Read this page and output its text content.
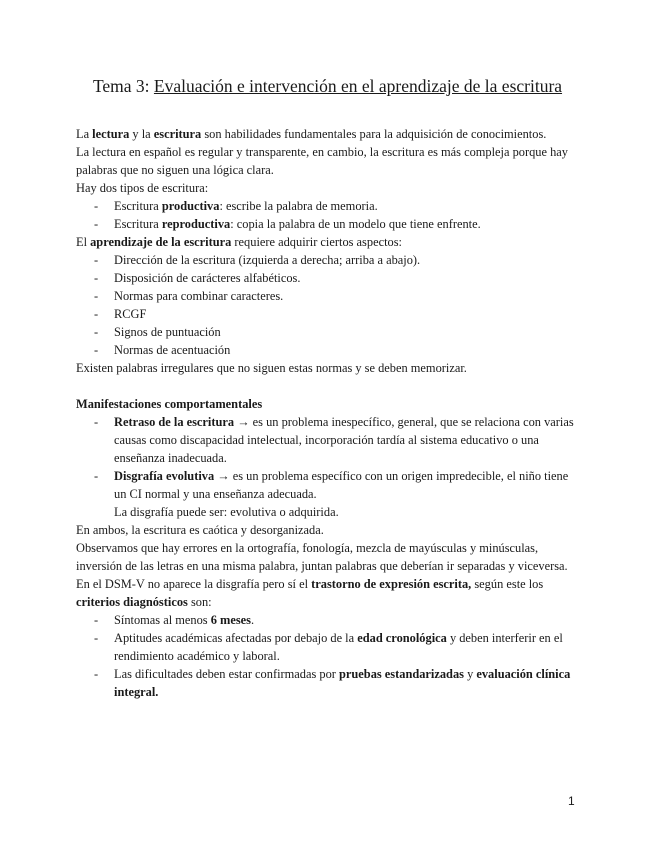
Tema 3: Evaluación e intervención en el aprendizaje de la escritura

La lectura y la escritura son habilidades fundamentales para la adquisición de conocimientos.

La lectura en español es regular y transparente, en cambio, la escritura es más compleja porque hay palabras que no siguen una lógica clara.

Hay dos tipos de escritura:

- Escritura productiva: escribe la palabra de memoria.
- Escritura reproductiva: copia la palabra de un modelo que tiene enfrente.

El aprendizaje de la escritura requiere adquirir ciertos aspectos:

- Dirección de la escritura (izquierda a derecha; arriba a abajo).
- Disposición de carácteres alfabéticos.
- Normas para combinar caracteres.
- RCGF
- Signos de puntuación
- Normas de acentuación

Existen palabras irregulares que no siguen estas normas y se deben memorizar.

Manifestaciones comportamentales

- Retraso de la escritura → es un problema inespecífico, general, que se relaciona con varias causas como discapacidad intelectual, incorporación tardía al sistema educativo o una enseñanza inadecuada.
- Disgrafía evolutiva → es un problema específico con un origen impredecible, el niño tiene un CI normal y una enseñanza adecuada.
La disgrafía puede ser: evolutiva o adquirida.

En ambos, la escritura es caótica y desorganizada.

Observamos que hay errores en la ortografía, fonología, mezcla de mayúsculas y minúsculas, inversión de las letras en una misma palabra, juntan palabras que deberían ir separadas y viceversa.

En el DSM-V no aparece la disgrafía pero sí el trastorno de expresión escrita, según este los criterios diagnósticos son:

- Síntomas al menos 6 meses.
- Aptitudes académicas afectadas por debajo de la edad cronológica y deben interferir en el rendimiento académico y laboral.
- Las dificultades deben estar confirmadas por pruebas estandarizadas y evaluación clínica integral.
1
